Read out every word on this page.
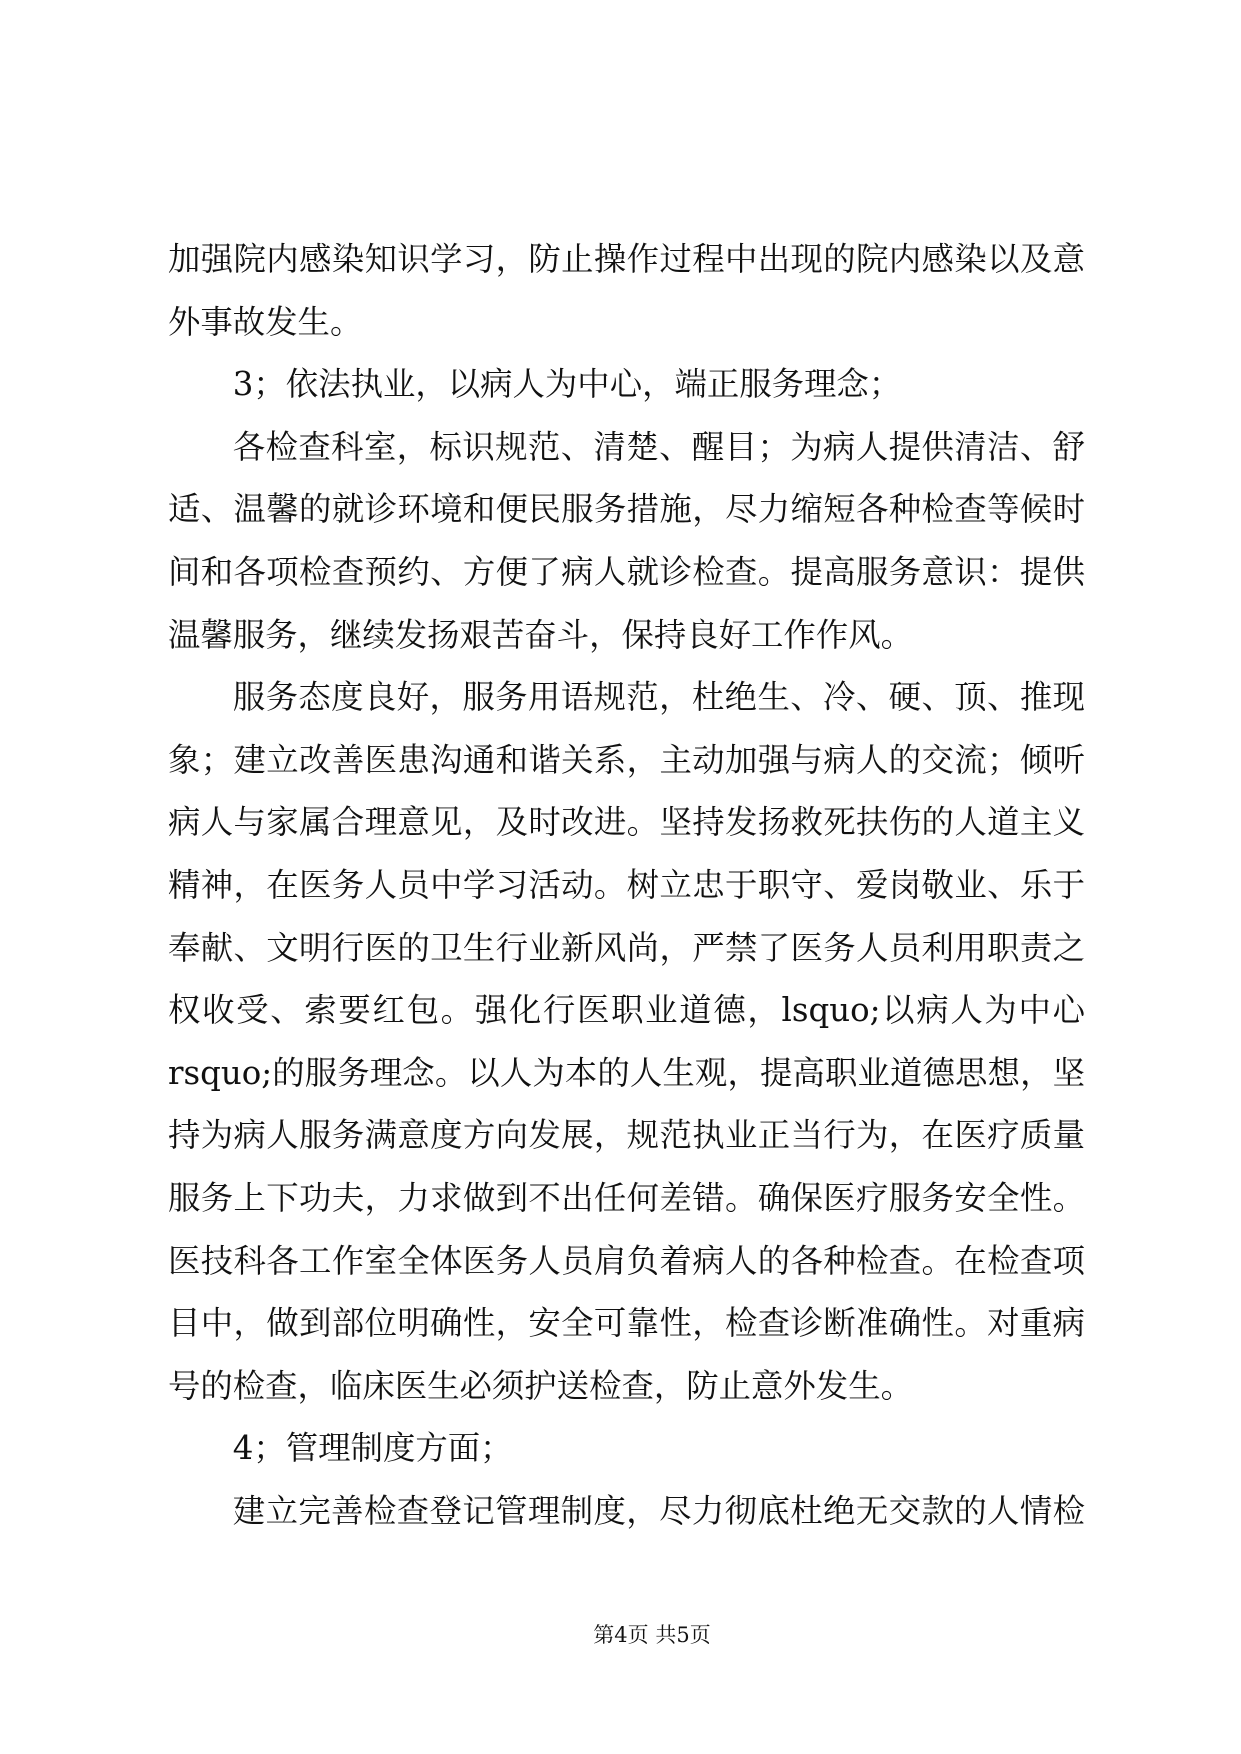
加强院内感染知识学习，防止操作过程中出现的院内感染以及意
外事故发生。
3；依法执业，以病人为中心，端正服务理念；
各检查科室，标识规范、清楚、醒目；为病人提供清洁、舒
适、温馨的就诊环境和便民服务措施，尽力缩短各种检查等候时
间和各项检查预约、方便了病人就诊检查。提高服务意识：提供
温馨服务，继续发扬艰苦奋斗，保持良好工作作风。
服务态度良好，服务用语规范，杜绝生、冷、硬、顶、推现
象；建立改善医患沟通和谐关系，主动加强与病人的交流；倾听
病人与家属合理意见，及时改进。坚持发扬救死扶伤的人道主义
精神，在医务人员中学习活动。树立忠于职守、爱岗敬业、乐于
奉献、文明行医的卫生行业新风尚，严禁了医务人员利用职责之
权收受、索要红包。强化行医职业道德，lsquo;以病人为中心
rsquo;的服务理念。以人为本的人生观，提高职业道德思想，坚
持为病人服务满意度方向发展，规范执业正当行为，在医疗质量
服务上下功夫，力求做到不出任何差错。确保医疗服务安全性。
医技科各工作室全体医务人员肩负着病人的各种检查。在检查项
目中，做到部位明确性，安全可靠性，检查诊断准确性。对重病
号的检查，临床医生必须护送检查，防止意外发生。
4；管理制度方面；
建立完善检查登记管理制度，尽力彻底杜绝无交款的人情检
第4页 共5页
